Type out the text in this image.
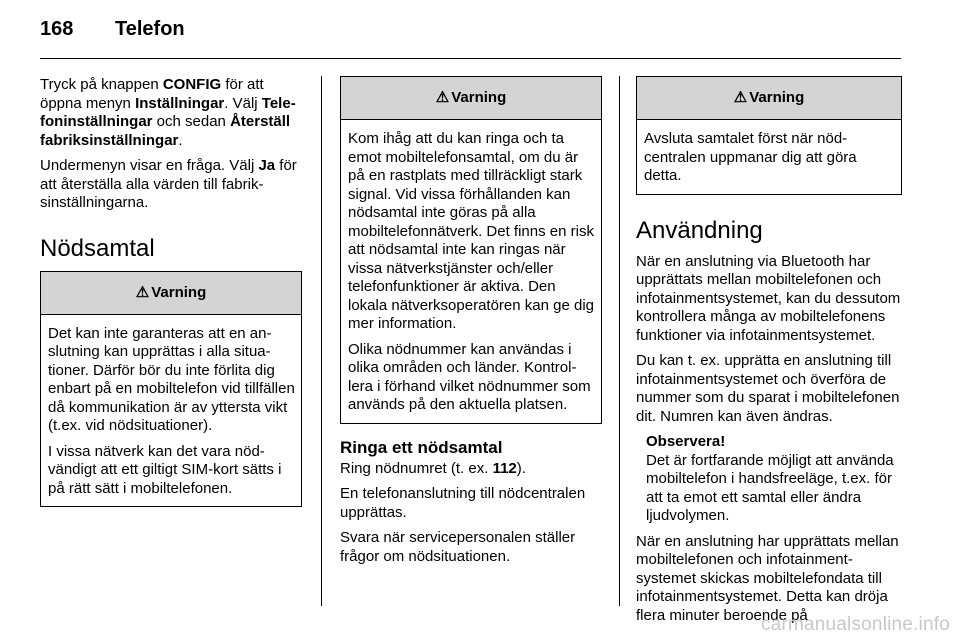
168 Telefon

Tryck på knappen CONFIG för att öppna menyn Inställningar. Välj Telefoninställningar och sedan Återställ fabriksinställningar.

Undermenyn visar en fråga. Välj Ja för att återställa alla värden till fabriksinställningarna.

Nödsamtal
⚠ Varning

Det kan inte garanteras att en anslutning kan upprättas i alla situationer. Därför bör du inte förlita dig enbart på en mobiltelefon vid tillfällen då kommunikation är av yttersta vikt (t.ex. vid nödsituationer).

I vissa nätverk kan det vara nödvändigt att ett giltigt SIM-kort sätts i på rätt sätt i mobiltelefonen.

⚠ Varning

Kom ihåg att du kan ringa och ta emot mobiltelefonsamtal, om du är på en rastplats med tillräckligt stark signal. Vid vissa förhållanden kan nödsamtal inte göras på alla mobiltelefonnätverk. Det finns en risk att nödsamtal inte kan ringas när vissa nätverkstjänster och/eller telefonfunktioner är aktiva. Den lokala nätverksoperatören kan ge dig mer information.

Olika nödnummer kan användas i olika områden och länder. Kontrollera i förhand vilket nödnummer som används på den aktuella platsen.

Ringa ett nödsamtal

Ring nödnumret (t. ex. 112).

En telefonanslutning till nödcentralen upprättas.

Svara när servicepersonalen ställer frågor om nödsituationen.

⚠ Varning

Avsluta samtalet först när nödcentralen uppmanar dig att göra detta.

Användning

När en anslutning via Bluetooth har upprättats mellan mobiltelefonen och infotainmentsystemet, kan du dessutom kontrollera många av mobiltelefonens funktioner via infotainmentsystemet.

Du kan t. ex. upprätta en anslutning till infotainmentsystemet och överföra de nummer som du sparat i mobiltelefonen dit. Numren kan även ändras.

Observera!

Det är fortfarande möjligt att använda mobiltelefon i handsfreeläge, t.ex. för att ta emot ett samtal eller ändra ljudvolymen.

När en anslutning har upprättats mellan mobiltelefonen och infotainmentsystemet skickas mobiltelefondata till infotainmentsystemet. Detta kan dröja flera minuter beroende på

carmanualsonline.info
